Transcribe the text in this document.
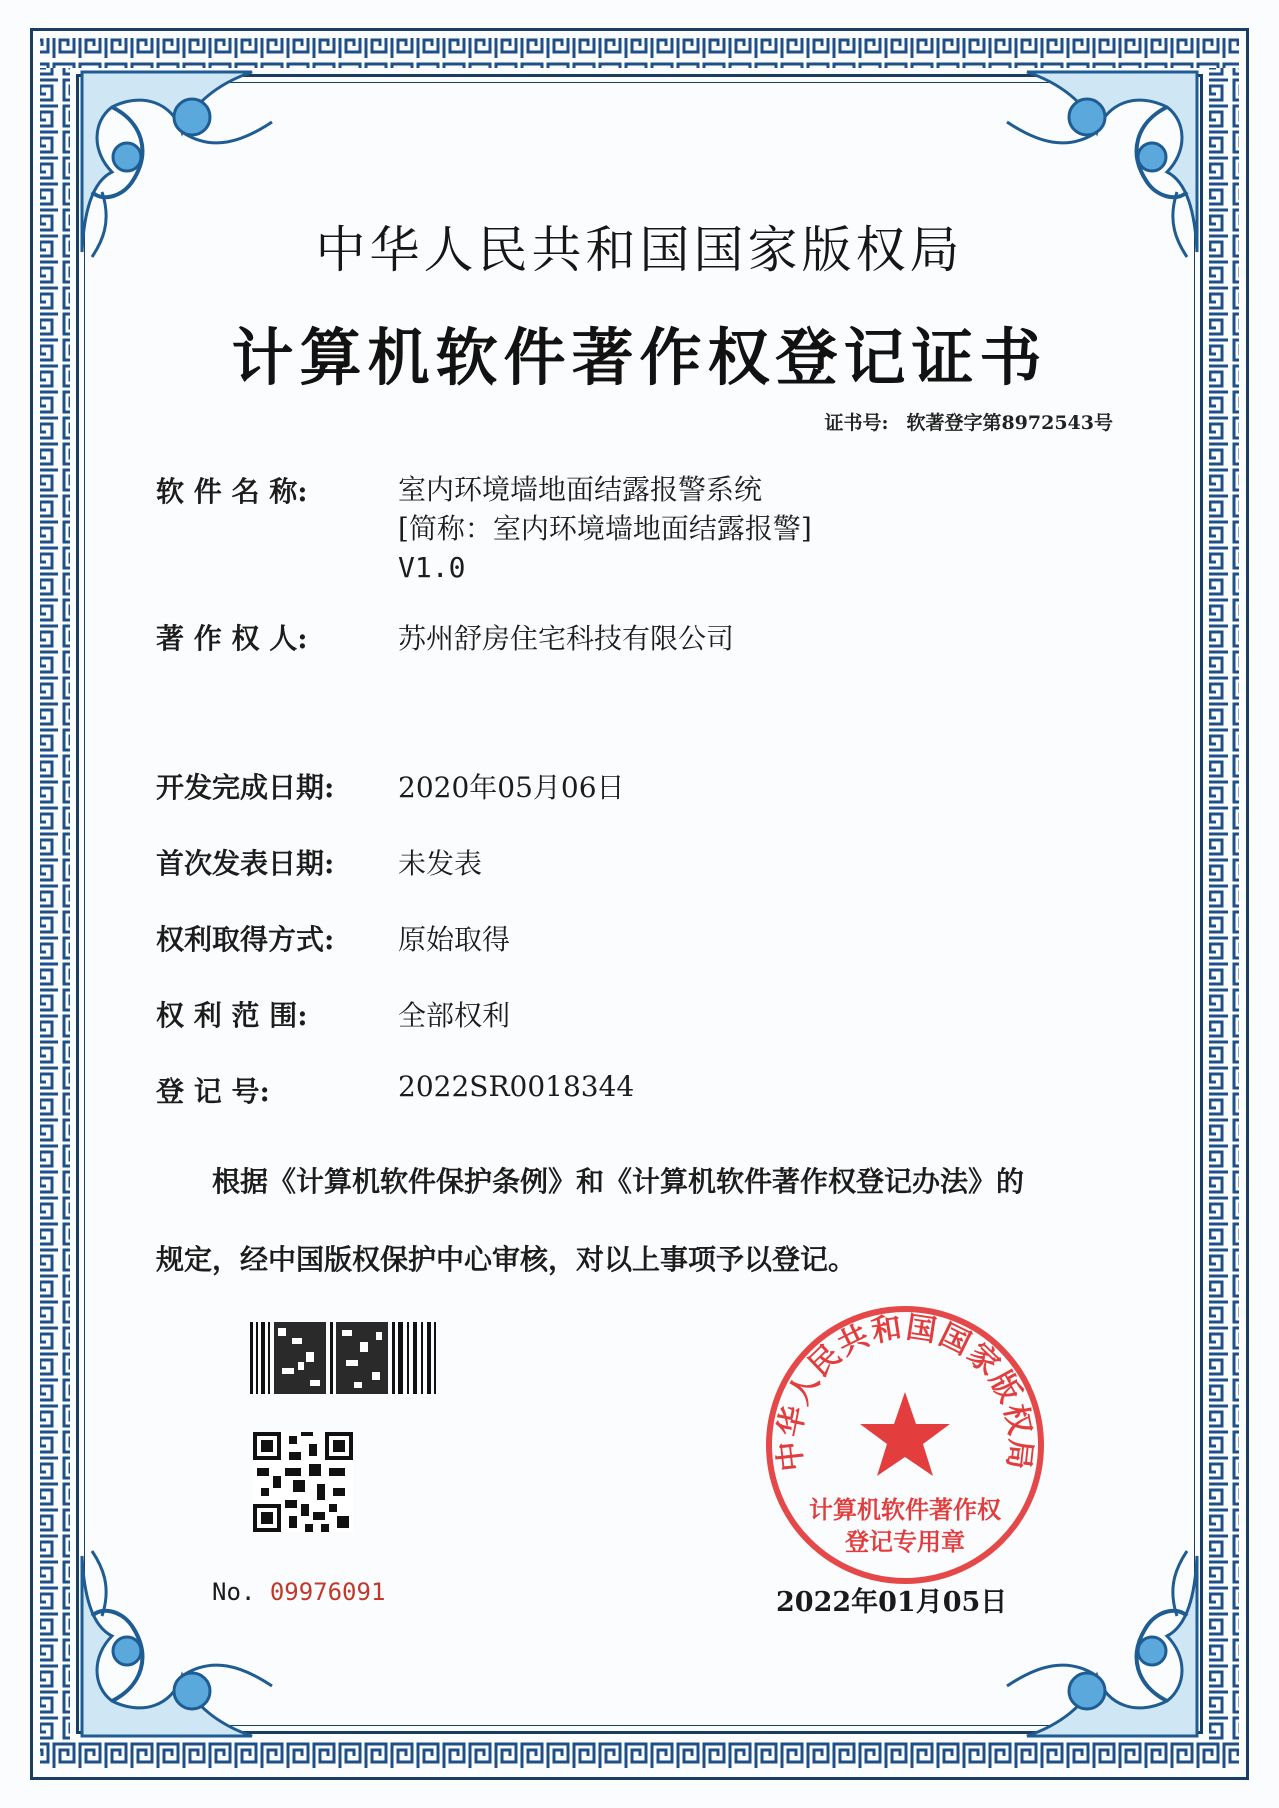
中华人民共和国国家版权局
计算机软件著作权登记证书
证书号: 软著登字第8972543号
软 件 名 称:	室内环境墙地面结露报警系统
[简称：室内环境墙地面结露报警]
V1.0
著 作 权 人:	苏州舒房住宅科技有限公司
开发完成日期:	2020年05月06日
首次发表日期:	未发表
权利取得方式:	原始取得
权 利 范 围:	全部权利
登 记 号:	2022SR0018344
根据《计算机软件保护条例》和《计算机软件著作权登记办法》的
规定，经中国版权保护中心审核，对以上事项予以登记。
No. 09976091
中华人民共和国国家版权局
计算机软件著作权
登记专用章
2022年01月05日
